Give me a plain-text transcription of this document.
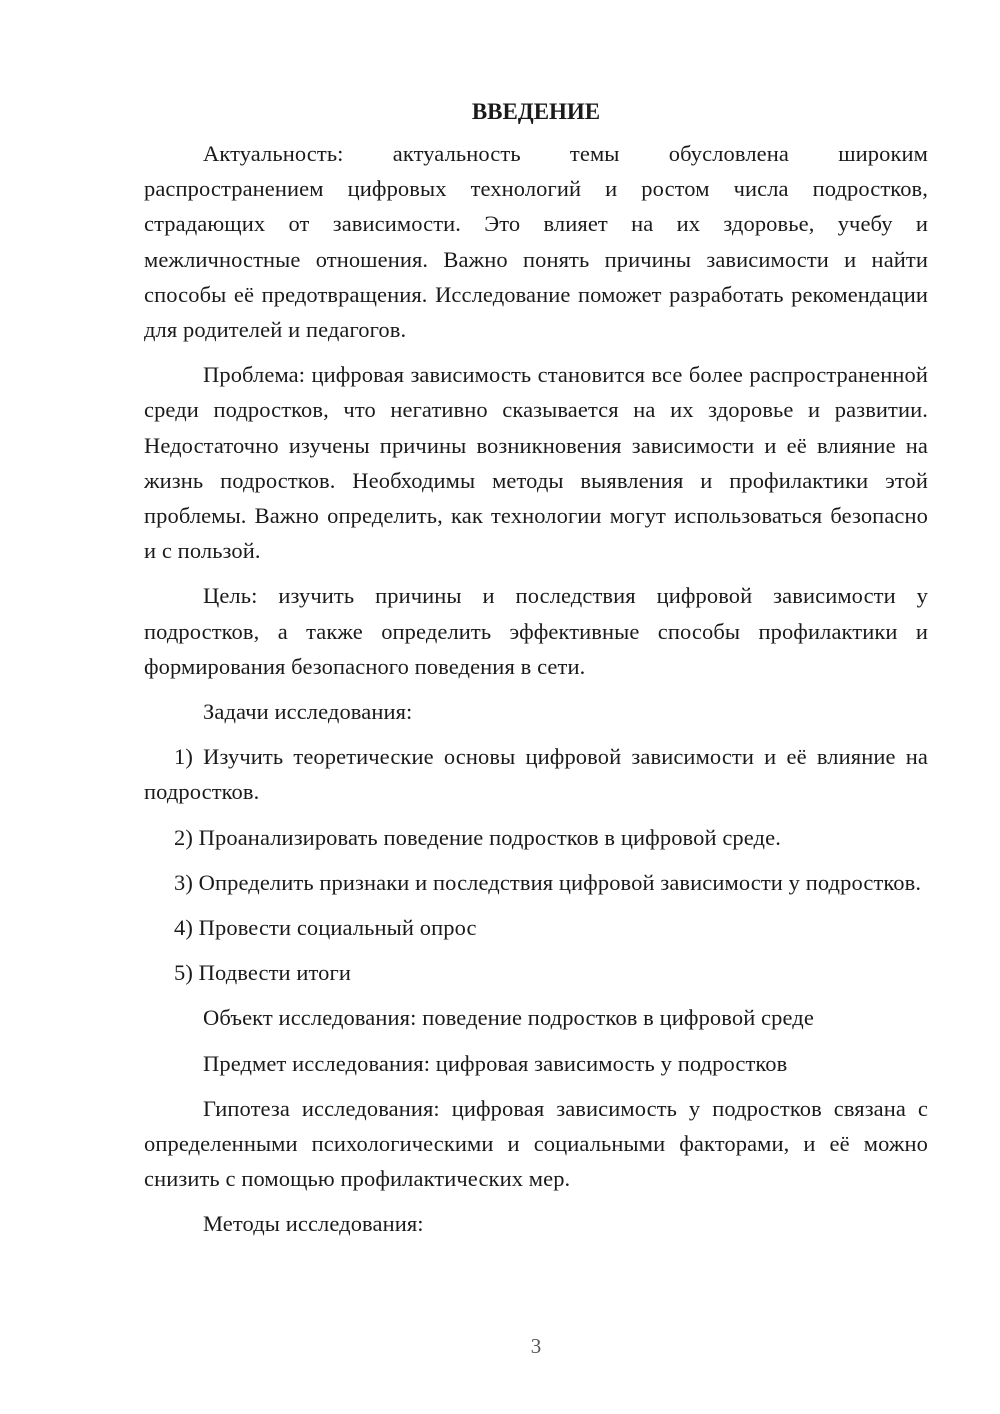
ВВЕДЕНИЕ

Актуальность: актуальность темы обусловлена широким распространением цифровых технологий и ростом числа подростков, страдающих от зависимости. Это влияет на их здоровье, учебу и межличностные отношения. Важно понять причины зависимости и найти способы её предотвращения. Исследование поможет разработать рекомендации для родителей и педагогов.

Проблема: цифровая зависимость становится все более распространенной среди подростков, что негативно сказывается на их здоровье и развитии. Недостаточно изучены причины возникновения зависимости и её влияние на жизнь подростков. Необходимы методы выявления и профилактики этой проблемы. Важно определить, как технологии могут использоваться безопасно и с пользой.

Цель: изучить причины и последствия цифровой зависимости у подростков, а также определить эффективные способы профилактики и формирования безопасного поведения в сети.

Задачи исследования:

1) Изучить теоретические основы цифровой зависимости и её влияние на подростков.

2) Проанализировать поведение подростков в цифровой среде.

3) Определить признаки и последствия цифровой зависимости у подростков.

4) Провести социальный опрос

5) Подвести итоги

Объект исследования: поведение подростков в цифровой среде

Предмет исследования: цифровая зависимость у подростков

Гипотеза исследования: цифровая зависимость у подростков связана с определенными психологическими и социальными факторами, и её можно снизить с помощью профилактических мер.

Методы исследования:

3
